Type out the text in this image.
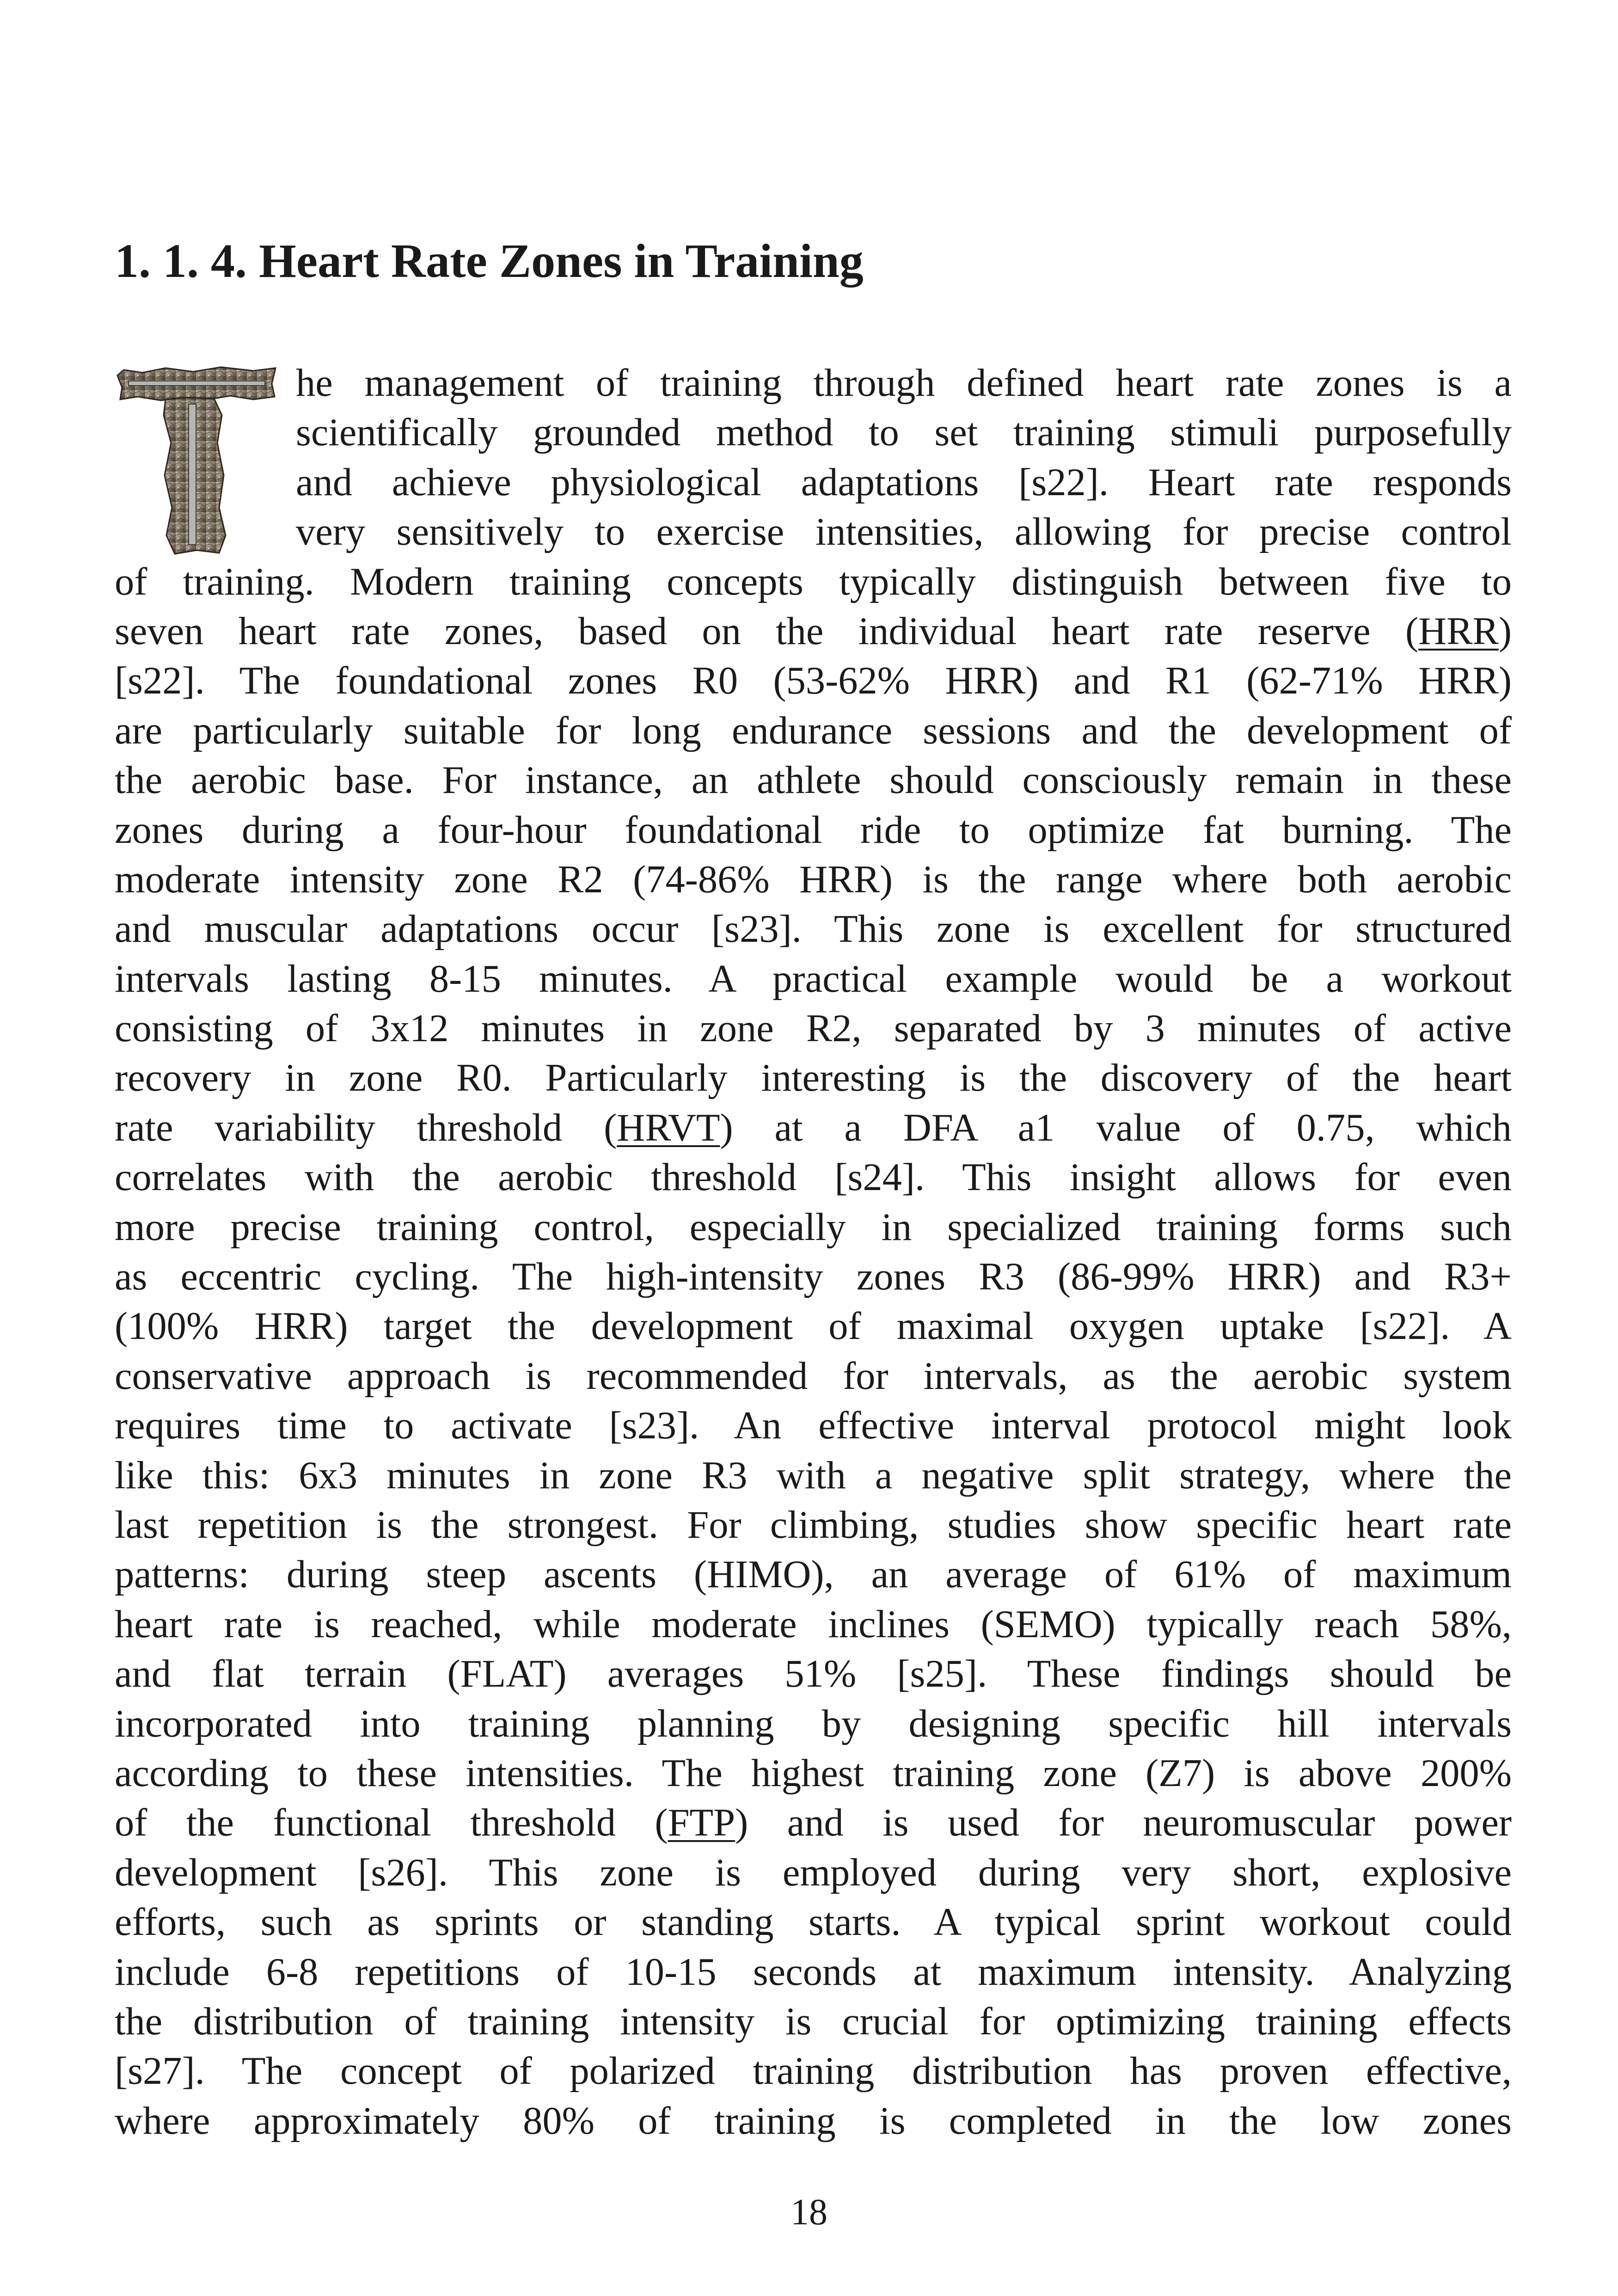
1. 1. 4. Heart Rate Zones in Training
he management of training through defined heart rate zones is a
scientifically grounded method to set training stimuli purposefully
and achieve physiological adaptations [s22]. Heart rate responds
very sensitively to exercise intensities, allowing for precise control
of training. Modern training concepts typically distinguish between five to
seven heart rate zones, based on the individual heart rate reserve (HRR)
[s22]. The foundational zones R0 (53-62% HRR) and R1 (62-71% HRR)
are particularly suitable for long endurance sessions and the development of
the aerobic base. For instance, an athlete should consciously remain in these
zones during a four-hour foundational ride to optimize fat burning. The
moderate intensity zone R2 (74-86% HRR) is the range where both aerobic
and muscular adaptations occur [s23]. This zone is excellent for structured
intervals lasting 8-15 minutes. A practical example would be a workout
consisting of 3x12 minutes in zone R2, separated by 3 minutes of active
recovery in zone R0. Particularly interesting is the discovery of the heart
rate variability threshold (HRVT) at a DFA a1 value of 0.75, which
correlates with the aerobic threshold [s24]. This insight allows for even
more precise training control, especially in specialized training forms such
as eccentric cycling. The high-intensity zones R3 (86-99% HRR) and R3+
(100% HRR) target the development of maximal oxygen uptake [s22]. A
conservative approach is recommended for intervals, as the aerobic system
requires time to activate [s23]. An effective interval protocol might look
like this: 6x3 minutes in zone R3 with a negative split strategy, where the
last repetition is the strongest. For climbing, studies show specific heart rate
patterns: during steep ascents (HIMO), an average of 61% of maximum
heart rate is reached, while moderate inclines (SEMO) typically reach 58%,
and flat terrain (FLAT) averages 51% [s25]. These findings should be
incorporated into training planning by designing specific hill intervals
according to these intensities. The highest training zone (Z7) is above 200%
of the functional threshold (FTP) and is used for neuromuscular power
development [s26]. This zone is employed during very short, explosive
efforts, such as sprints or standing starts. A typical sprint workout could
include 6-8 repetitions of 10-15 seconds at maximum intensity. Analyzing
the distribution of training intensity is crucial for optimizing training effects
[s27]. The concept of polarized training distribution has proven effective,
where approximately 80% of training is completed in the low zones
18
